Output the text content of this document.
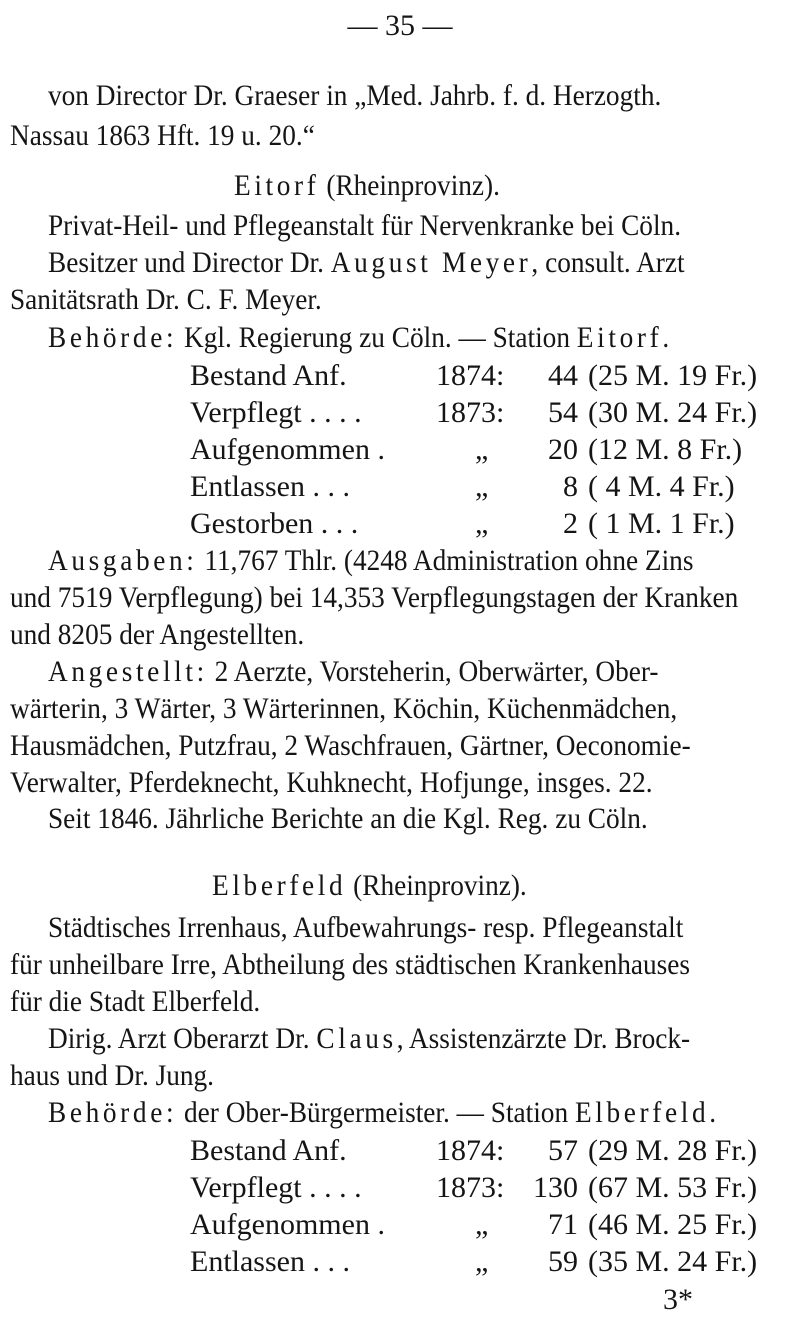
— 35 —
von Director Dr. Graeser in „Med. Jahrb. f. d. Herzogth.
Nassau 1863 Hft. 19 u. 20.“
Eitorf (Rheinprovinz).
Privat-Heil- und Pflegeanstalt für Nervenkranke bei Cöln.
Besitzer und Director Dr. August Meyer, consult. Arzt
Sanitätsrath Dr. C. F. Meyer.
Behörde: Kgl. Regierung zu Cöln. — Station Eitorf.
Bestand Anf.	1874:	44 (25 M. 19 Fr.)
Verpflegt . . . .	1873:	54 (30 M. 24 Fr.)
Aufgenommen .	„	20 (12 M. 8 Fr.)
Entlassen . . .	„	8 ( 4 M. 4 Fr.)
Gestorben . . .	„	2 ( 1 M. 1 Fr.)
Ausgaben: 11,767 Thlr. (4248 Administration ohne Zins
und 7519 Verpflegung) bei 14,353 Verpflegungstagen der Kranken
und 8205 der Angestellten.
Angestellt: 2 Aerzte, Vorsteherin, Oberwärter, Ober-
wärterin, 3 Wärter, 3 Wärterinnen, Köchin, Küchenmädchen,
Hausmädchen, Putzfrau, 2 Waschfrauen, Gärtner, Oeconomie-
Verwalter, Pferdeknecht, Kuhknecht, Hofjunge, insges. 22.
Seit 1846. Jährliche Berichte an die Kgl. Reg. zu Cöln.
Elberfeld (Rheinprovinz).
Städtisches Irrenhaus, Aufbewahrungs- resp. Pflegeanstalt
für unheilbare Irre, Abtheilung des städtischen Krankenhauses
für die Stadt Elberfeld.
Dirig. Arzt Oberarzt Dr. Claus, Assistenzärzte Dr. Brock-
haus und Dr. Jung.
Behörde: der Ober-Bürgermeister. — Station Elberfeld.
Bestand Anf.	1874:	57 (29 M. 28 Fr.)
Verpflegt . . . .	1873: 130 (67 M. 53 Fr.)
Aufgenommen .	„	71 (46 M. 25 Fr.)
Entlassen . . .	„	59 (35 M. 24 Fr.)
3*
